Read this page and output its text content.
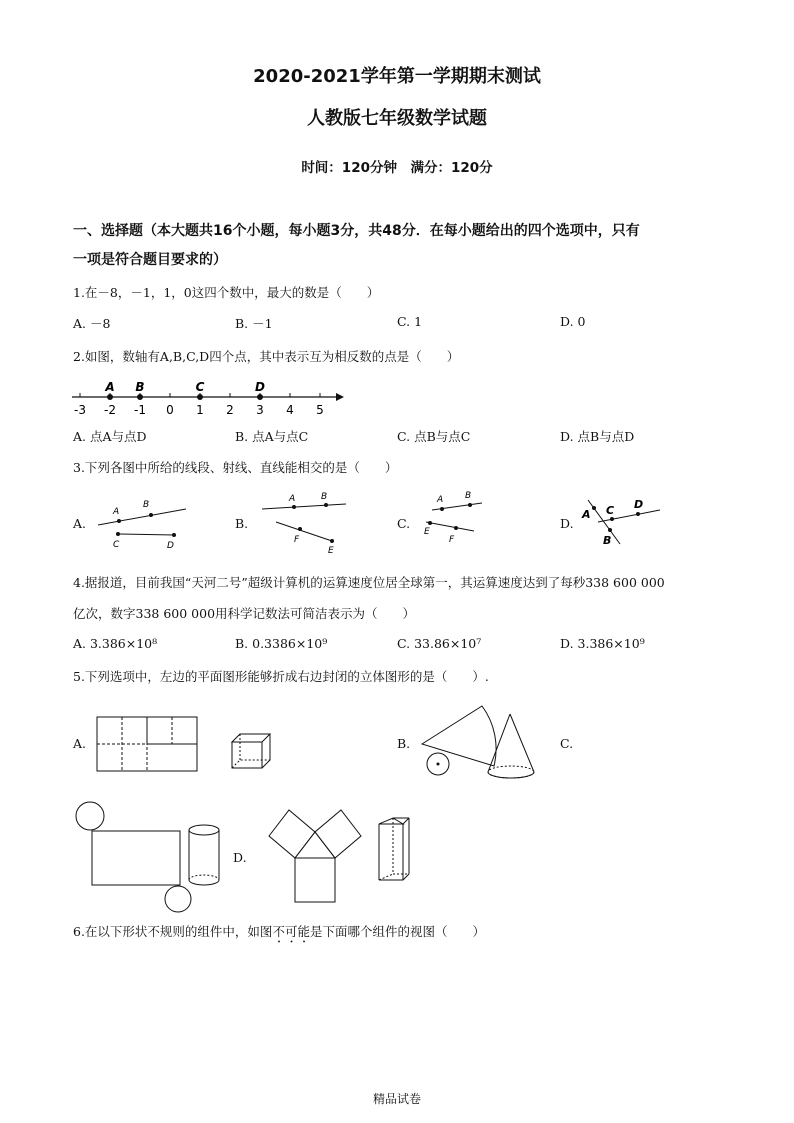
2020-2021学年第一学期期末测试
人教版七年级数学试题
时间：120分钟　满分：120分
一、选择题（本大题共16个小题，每小题3分，共48分．在每小题给出的四个选项中，只有
一项是符合题目要求的）
1.在－8，－1，1，0这四个数中，最大的数是（　　）
A. －8	B. －1	C. 1	D. 0
2.如图，数轴有A,B,C,D四个点，其中表示互为相反数的点是（　　）
-3 -2 -1 0 1 2 3 4 5
A B	C	D
A. 点A与点D	B. 点A与点C	C. 点B与点C	D. 点B与点D
3.下列各图中所给的线段、射线、直线能相交的是（　　）
A.
A
B
C	D
B.
A	B
F
E
C.
A B
E
F
D.
A C D
B
4.据报道，目前我国“天河二号”超级计算机的运算速度位居全球第一，其运算速度达到了每秒338 600 000
亿次，数字338 600 000用科学记数法可简洁表示为（　　）
A. 3.386×10⁸	B. 0.3386×10⁹	C. 33.86×10⁷	D. 3.386×10⁹
5.下列选项中，左边的平面图形能够折成右边封闭的立体图形的是（　　）.
A.	B.	C.
D.
6.在以下形状不规则的组件中，如图不可能是下面哪个组件的视图（　　）
精品试卷
